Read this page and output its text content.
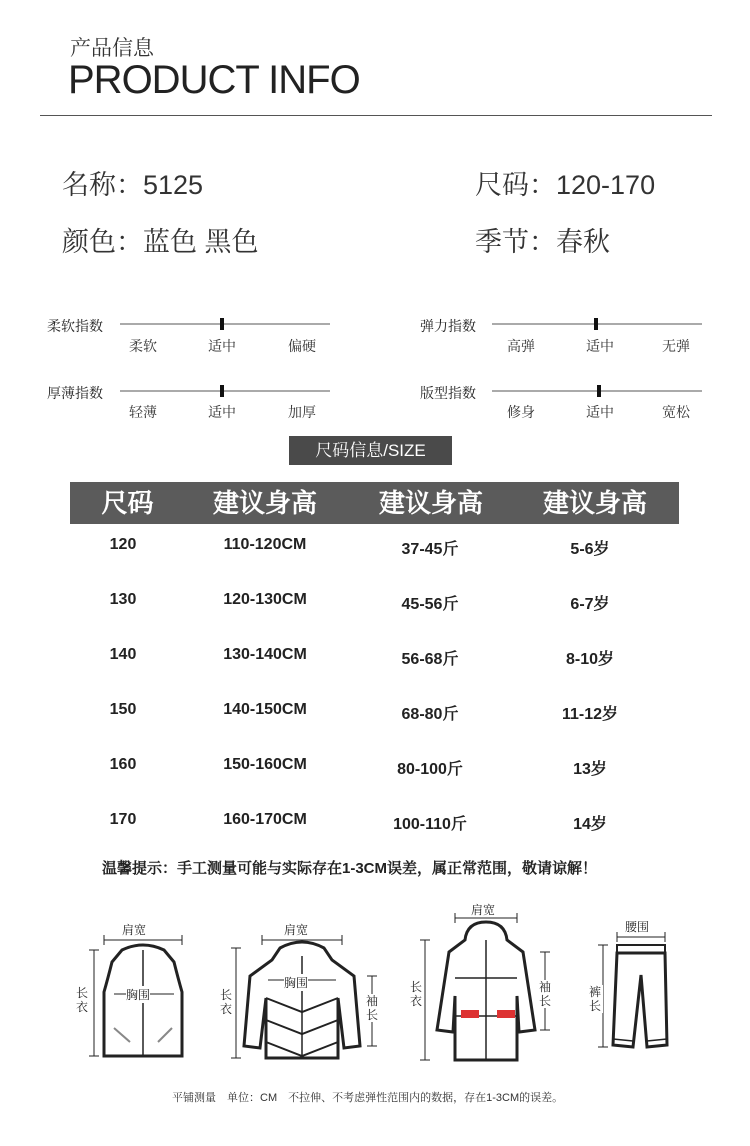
产品信息
PRODUCT INFO
名称：5125	尺码：120-170
颜色：蓝色 黑色	季节：春秋
柔软指数
柔软	适中	偏硬
弹力指数
高弹	适中	无弹
厚薄指数
轻薄	适中	加厚
版型指数
修身	适中	宽松
尺码信息/SIZE
尺码	建议身高	建议身高	建议身高
120	110-120CM	37-45斤	5-6岁
130	120-130CM	45-56斤	6-7岁
140	130-140CM	56-68斤	8-10岁
150	140-150CM	68-80斤	11-12岁
160	150-160CM	80-100斤	13岁
170	160-170CM	100-110斤	14岁
温馨提示：手工测量可能与实际存在1-3CM误差，属正常范围，敬请谅解！
肩宽
胸围
长衣
肩宽
胸围
长衣
袖长
肩宽
长衣
袖长
腰围
裤长
平铺测量　单位：CM　不拉伸、不考虑弹性范围内的数据，存在1-3CM的误差。
